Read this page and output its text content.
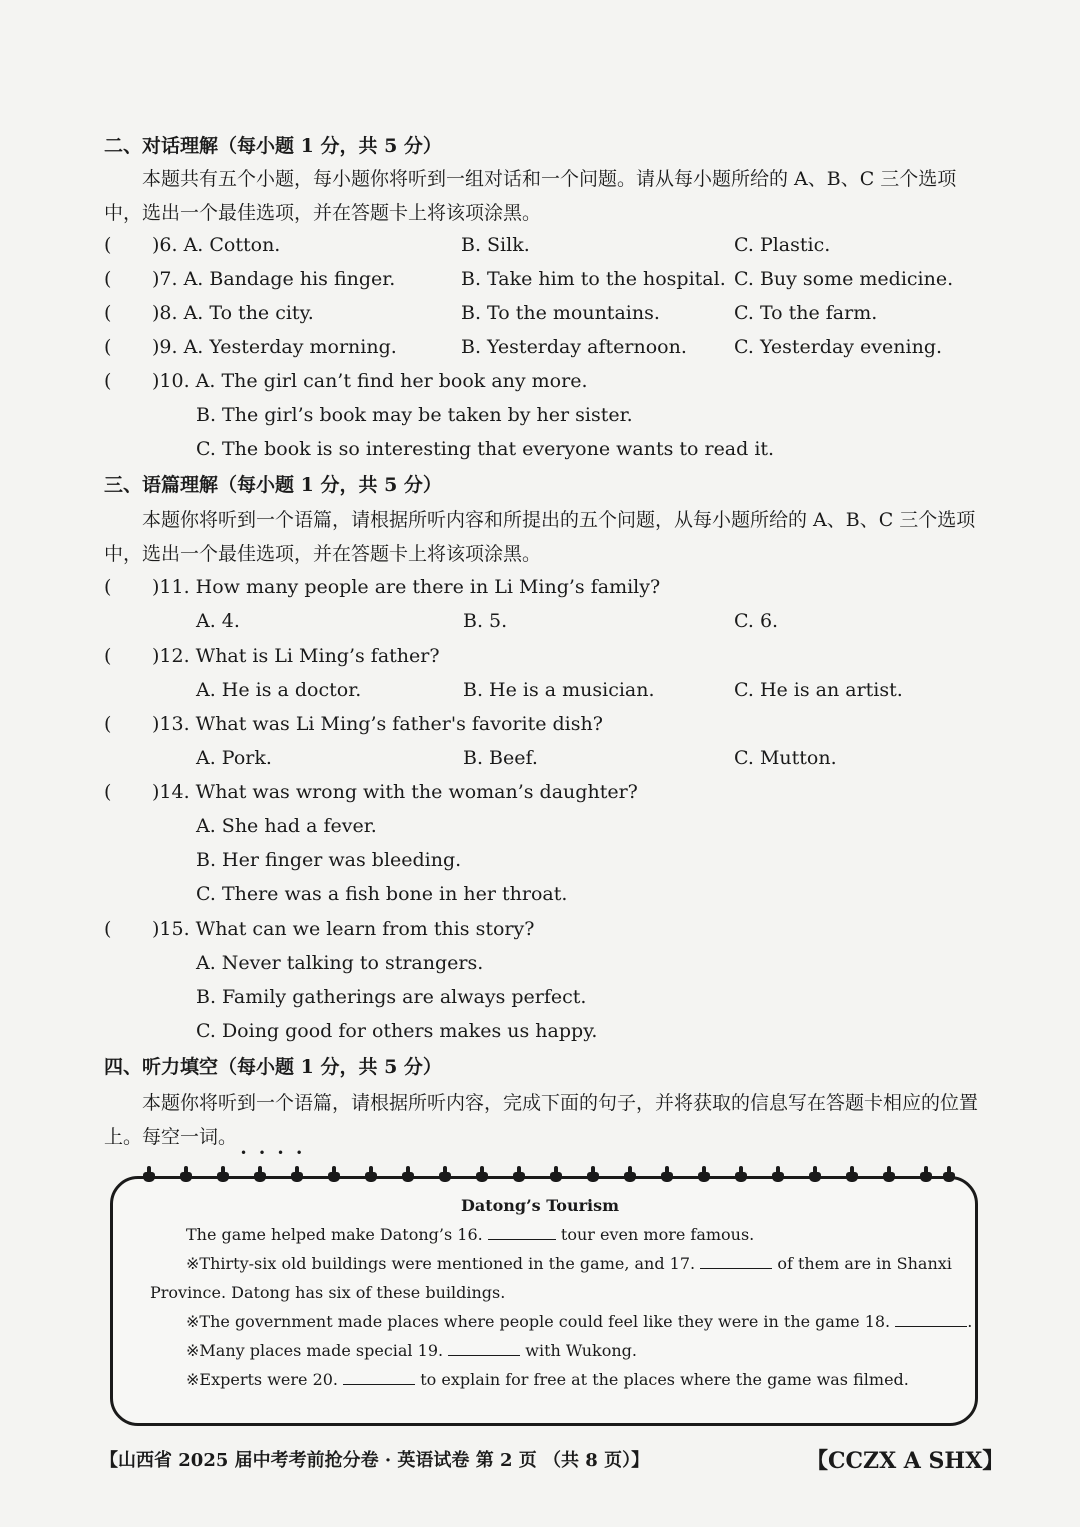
二、对话理解（每小题 1 分，共 5 分）
本题共有五个小题，每小题你将听到一组对话和一个问题。请从每小题所给的 A、B、C 三个选项中，选出一个最佳选项，并在答题卡上将该项涂黑。
( )6. A. Cotton.	B. Silk.	C. Plastic.
( )7. A. Bandage his finger.	B. Take him to the hospital. C. Buy some medicine.
( )8. A. To the city.	B. To the mountains.	C. To the farm.
( )9. A. Yesterday morning.	B. Yesterday afternoon. C. Yesterday evening.
( )10. A. The girl can’t find her book any more.
B. The girl’s book may be taken by her sister.
C. The book is so interesting that everyone wants to read it.
三、语篇理解（每小题 1 分，共 5 分）
本题你将听到一个语篇，请根据所听内容和所提出的五个问题，从每小题所给的 A、B、C 三个选项中，选出一个最佳选项，并在答题卡上将该项涂黑。
( )11. How many people are there in Li Ming’s family?
A. 4.	B. 5.	C. 6.
( )12. What is Li Ming’s father?
A. He is a doctor.	B. He is a musician.	C. He is an artist.
( )13. What was Li Ming’s father's favorite dish?
A. Pork.	B. Beef.	C. Mutton.
( )14. What was wrong with the woman’s daughter?
A. She had a fever.
B. Her finger was bleeding.
C. There was a fish bone in her throat.
( )15. What can we learn from this story?
A. Never talking to strangers.
B. Family gatherings are always perfect.
C. Doing good for others makes us happy.
四、听力填空（每小题 1 分，共 5 分）
本题你将听到一个语篇，请根据所听内容，完成下面的句子，并将获取的信息写在答题卡相应的位置上。每空一词。
•   •   •   •
Datong’s Tourism
The game helped make Datong’s 16.	tour even more famous.
※Thirty-six old buildings were mentioned in the game, and 17.	of them are in Shanxi
Province. Datong has six of these buildings.
※The government made places where people could feel like they were in the game 18.	.
※Many places made special 19.	with Wukong.
※Experts were 20.	to explain for free at the places where the game was filmed.
【山西省 2025 届中考考前抢分卷 · 英语试卷 第 2 页 （共 8 页）】	【CCZX A SHX】
